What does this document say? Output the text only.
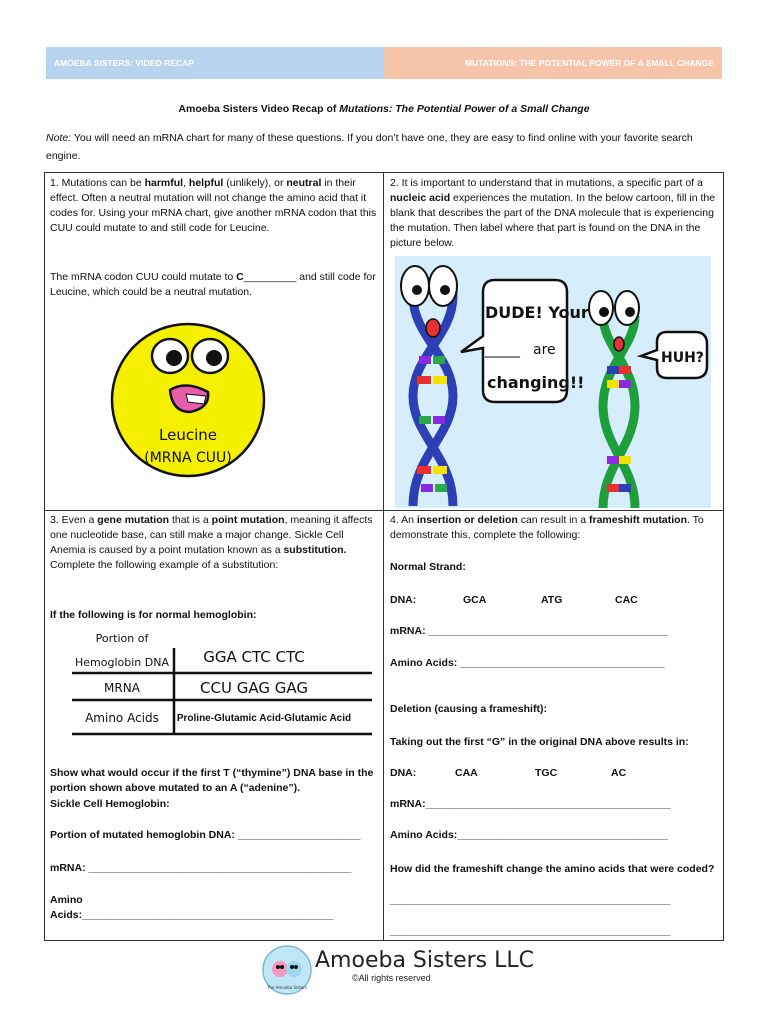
AMOEBA SISTERS: VIDEO RECAP	MUTATIONS: THE POTENTIAL POWER OF A SMALL CHANGE
Amoeba Sisters Video Recap of Mutations: The Potential Power of a Small Change
Note: You will need an mRNA chart for many of these questions. If you don’t have one, they are easy to find online with your favorite search engine.
1. Mutations can be harmful, helpful (unlikely), or neutral in their effect. Often a neutral mutation will not change the amino acid that it codes for. Using your mRNA chart, give another mRNA codon that this CUU could mutate to and still code for Leucine.
The mRNA codon CUU could mutate to C_________ and still code for Leucine, which could be a neutral mutation.
Leucine
(MRNA CUU)
2. It is important to understand that in mutations, a specific part of a nucleic acid experiences the mutation. In the below cartoon, fill in the blank that describes the part of the DNA molecule that is experiencing the mutation. Then label where that part is found on the DNA in the picture below.
DUDE! Your
_____ are
changing!!
HUH?
3. Even a gene mutation that is a point mutation, meaning it affects one nucleotide base, can still make a major change. Sickle Cell Anemia is caused by a point mutation known as a substitution. Complete the following example of a substitution:
If the following is for normal hemoglobin:
Portion of
Hemoglobin DNA GGA CTC CTC
MRNA	CCU GAG GAG
Amino Acids Proline-Glutamic Acid-Glutamic Acid
Show what would occur if the first T (“thymine”) DNA base in the portion shown above mutated to an A (“adenine”).
Sickle Cell Hemoglobin:
Portion of mutated hemoglobin DNA: _____________________
mRNA: _____________________________________________
Amino
Acids:___________________________________________
4. An insertion or deletion can result in a frameshift mutation. To demonstrate this, complete the following:
Normal Strand:
DNA:	GCA	ATG	CAC
mRNA: _________________________________________
Amino Acids: ___________________________________
Deletion (causing a frameshift):
Taking out the first “G” in the original DNA above results in:
DNA:	CAA	TGC	AC
mRNA:__________________________________________
Amino Acids:____________________________________
How did the frameshift change the amino acids that were coded?
________________________________________________
________________________________________________
The Amoeba Sisters
Amoeba Sisters LLC
©All rights reserved
